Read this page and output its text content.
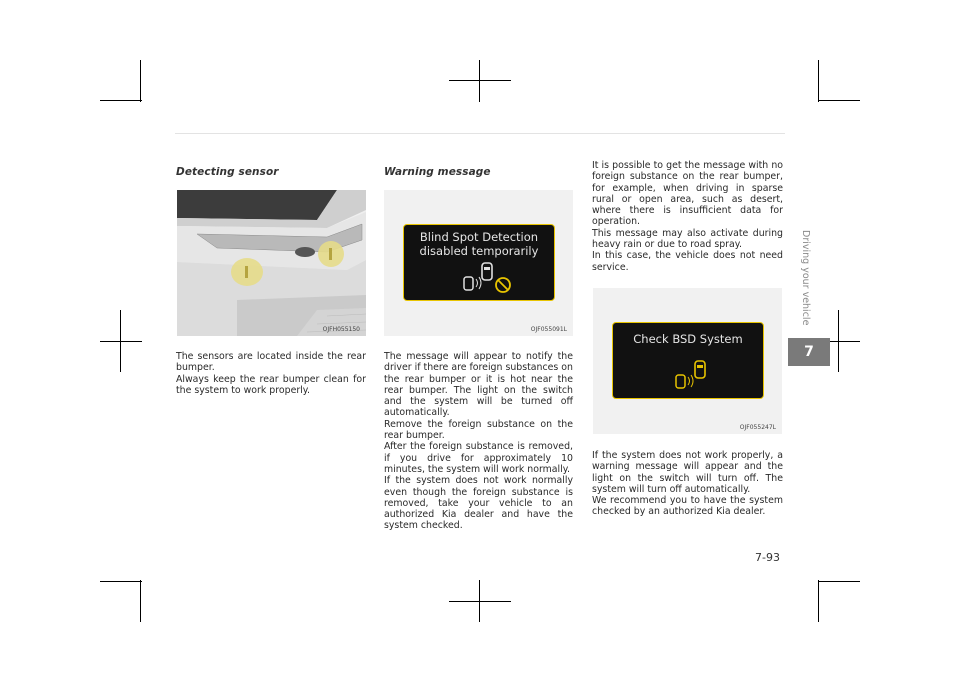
Detecting sensor
OJFH055150

The sensors are located inside the rear bumper.

Always keep the rear bumper clean for the system to work properly.

Warning message
Blind Spot Detection disabled temporarily
OJF055091L

The message will appear to notify the driver if there are foreign substances on the rear bumper or it is hot near the rear bumper. The light on the switch and the system will be turned off automatically.

Remove the foreign substance on the rear bumper.

After the foreign substance is removed, if you drive for approximately 10 minutes, the system will work normally.

If the system does not work normally even though the foreign substance is removed, take your vehicle to an authorized Kia dealer and have the system checked.

It is possible to get the message with no foreign substance on the rear bumper, for example, when driving in sparse rural or open area, such as desert, where there is insufficient data for operation.

This message may also activate during heavy rain or due to road spray.

In this case, the vehicle does not need service.

Check BSD System
OJF055247L

If the system does not work properly, a warning message will appear and the light on the switch will turn off. The system will turn off automatically.

We recommend you to have the system checked by an authorized Kia dealer.

Driving your vehicle
7
7-93
